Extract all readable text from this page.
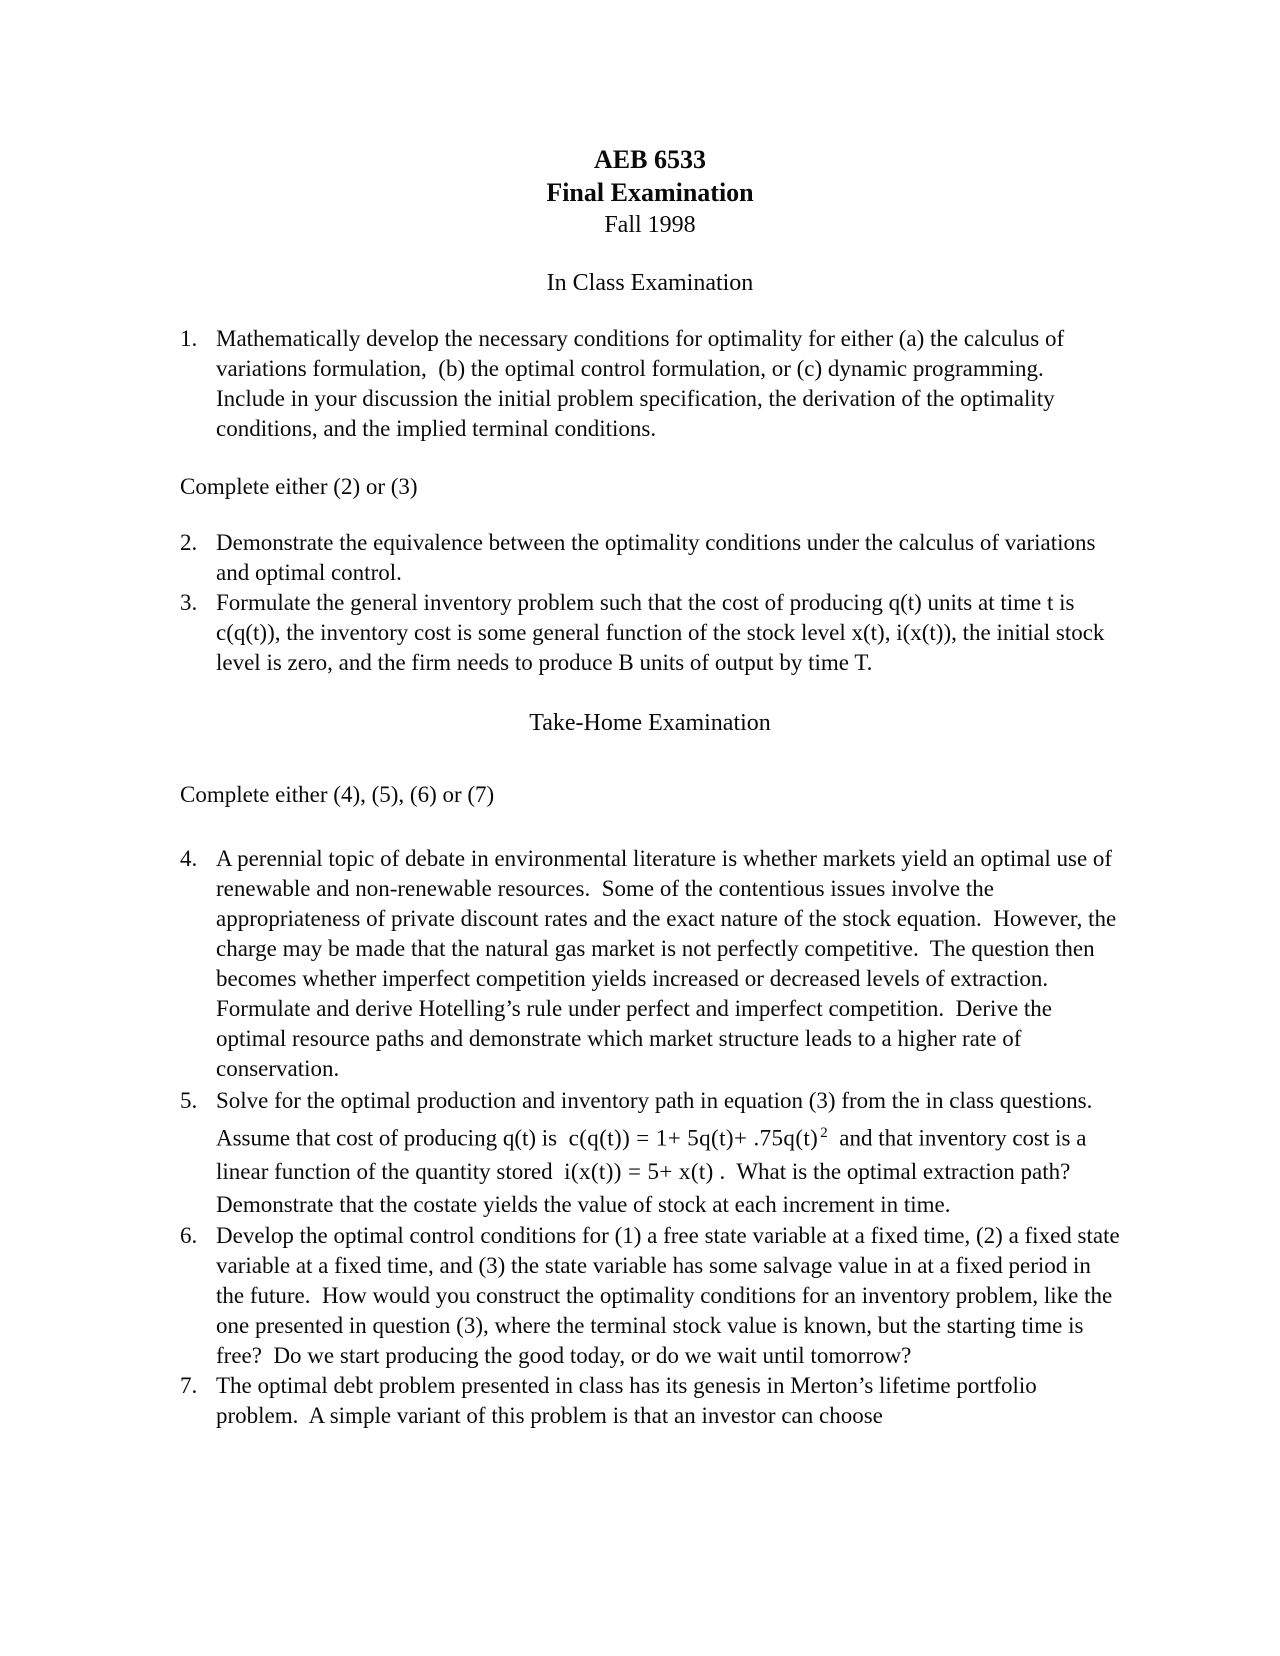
AEB 6533

Final Examination

Fall 1998

In Class Examination

1. Mathematically develop the necessary conditions for optimality for either (a) the calculus of variations formulation,  (b) the optimal control formulation, or (c) dynamic programming.  Include in your discussion the initial problem specification, the derivation of the optimality conditions, and the implied terminal conditions.

Complete either (2) or (3)

2. Demonstrate the equivalence between the optimality conditions under the calculus of variations and optimal control.
3. Formulate the general inventory problem such that the cost of producing q(t) units at time t is c(q(t)), the inventory cost is some general function of the stock level x(t), i(x(t)), the initial stock level is zero, and the firm needs to produce B units of output by time T.

Take-Home Examination

Complete either (4), (5), (6) or (7)

4. A perennial topic of debate in environmental literature is whether markets yield an optimal use of renewable and non-renewable resources.  Some of the contentious issues involve the appropriateness of private discount rates and the exact nature of the stock equation.  However, the charge may be made that the natural gas market is not perfectly competitive.  The question then becomes whether imperfect competition yields increased or decreased levels of extraction.  Formulate and derive Hotelling’s rule under perfect and imperfect competition.  Derive the optimal resource paths and demonstrate which market structure leads to a higher rate of conservation.
5. Solve for the optimal production and inventory path in equation (3) from the in class questions.  Assume that cost of producing q(t) is  c(q(t)) = 1+ 5q(t)+ .75q(t) $^2$  and that inventory cost is a linear function of the quantity stored  i(x(t)) = 5+ x(t) .  What is the optimal extraction path? Demonstrate that the costate yields the value of stock at each increment in time.
6. Develop the optimal control conditions for (1) a free state variable at a fixed time, (2) a fixed state variable at a fixed time, and (3) the state variable has some salvage value in at a fixed period in the future.  How would you construct the optimality conditions for an inventory problem, like the one presented in question (3), where the terminal stock value is known, but the starting time is free?  Do we start producing the good today, or do we wait until tomorrow?
7. The optimal debt problem presented in class has its genesis in Merton’s lifetime portfolio problem.  A simple variant of this problem is that an investor can choose
